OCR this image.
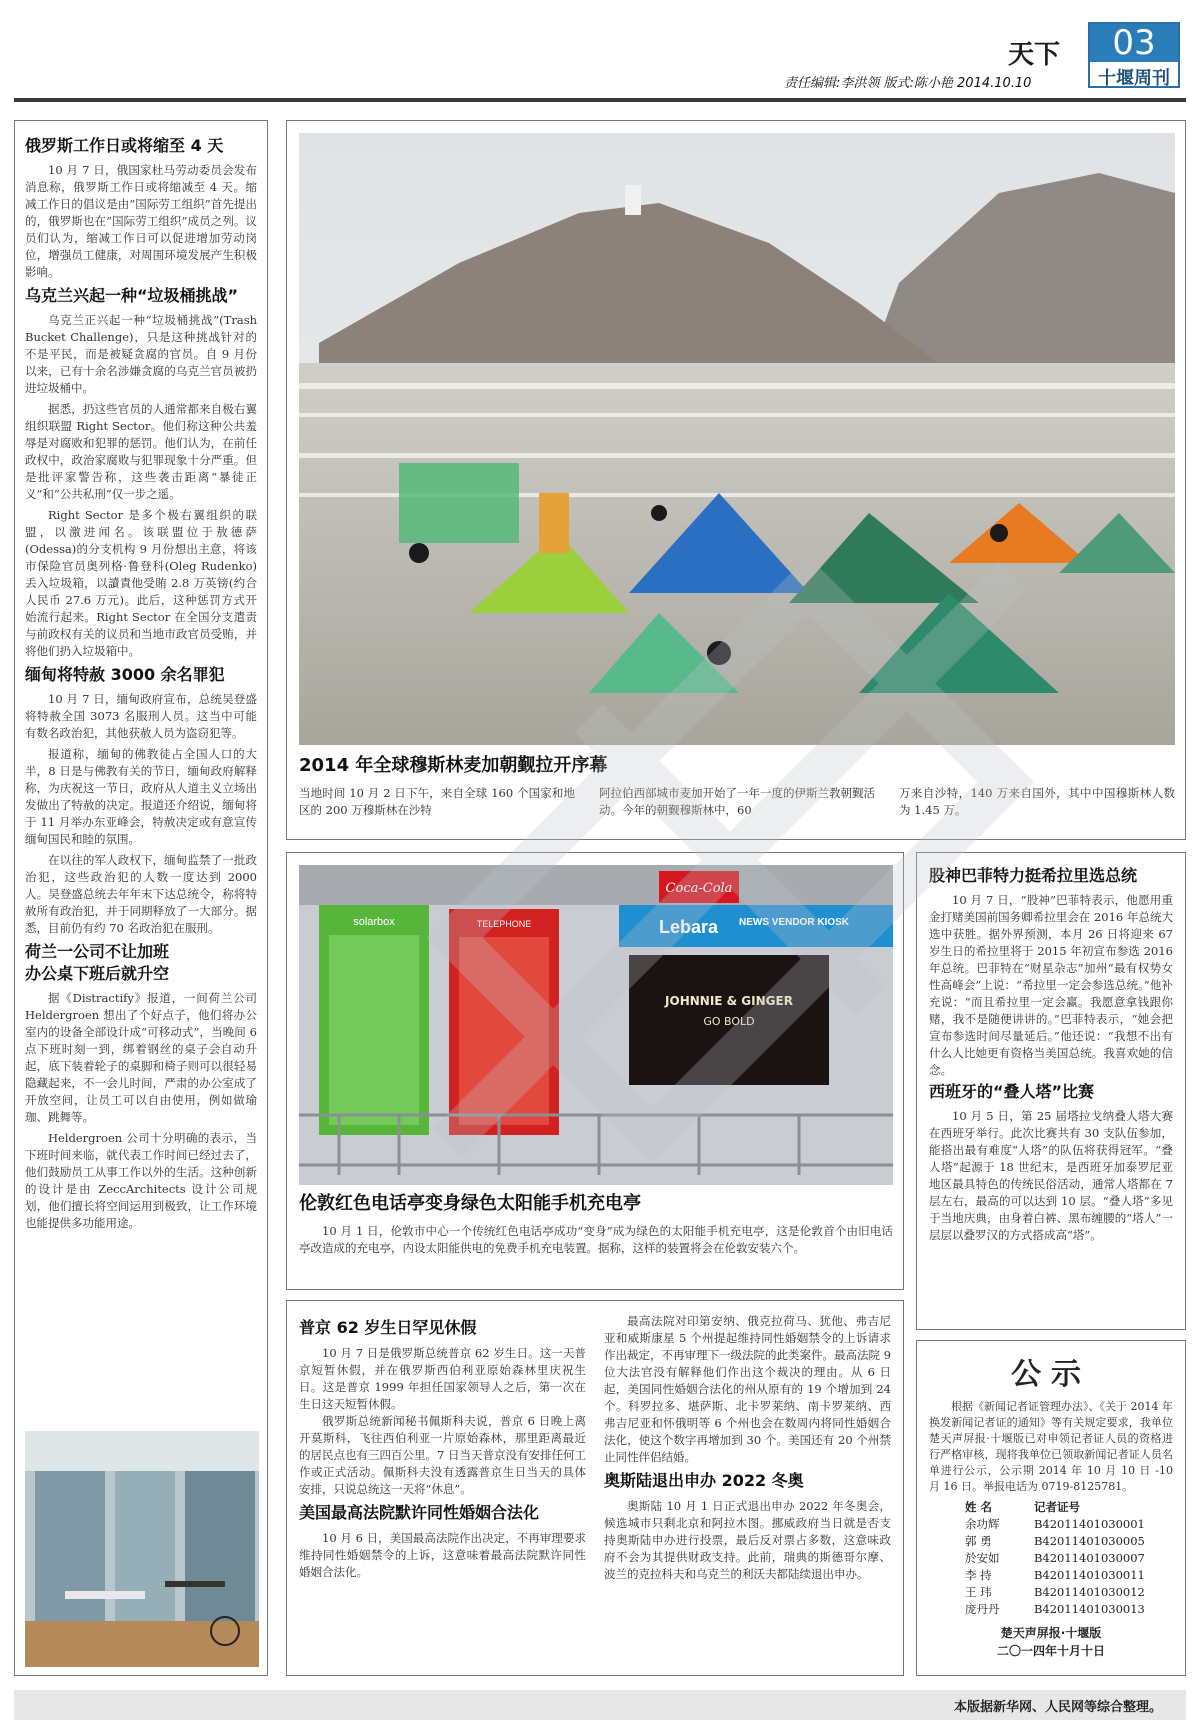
天下	03
十堰周刊
责任编辑:李洪领 版式:陈小艳 2014.10.10
俄罗斯工作日或将缩至 4 天

10 月 7 日，俄国家杜马劳动委员会发布消息称，俄罗斯工作日或将缩减至 4 天。缩减工作日的倡议是由“国际劳工组织”首先提出的，俄罗斯也在“国际劳工组织”成员之列。议员们认为，缩减工作日可以促进增加劳动岗位，增强员工健康，对周围环境发展产生积极影响。

乌克兰兴起一种“垃圾桶挑战”

乌克兰正兴起一种“垃圾桶挑战”(Trash Bucket Challenge)，只是这种挑战针对的不是平民，而是被疑贪腐的官员。自 9 月份以来，已有十余名涉嫌贪腐的乌克兰官员被扔进垃圾桶中。

据悉，扔这些官员的人通常都来自极右翼组织联盟 Right Sector。他们称这种公共羞辱是对腐败和犯罪的惩罚。他们认为，在前任政权中，政治家腐败与犯罪现象十分严重。但是批评家警告称，这些袭击距离“暴徒正义”和“公共私刑”仅一步之遥。

Right Sector 是多个极右翼组织的联盟，以激进闻名。该联盟位于敖德萨(Odessa)的分支机构 9 月份想出主意，将该市保险官员奥列格·鲁登科(Oleg Rudenko)丢入垃圾箱，以讀責他受賄 2.8 万英镑(约合人民币 27.6 万元)。此后，这种惩罚方式开始流行起来。Right Sector 在全国分支遣责与前政权有关的议员和当地市政官员受贿，并将他们扔入垃圾箱中。

缅甸将特赦 3000 余名罪犯

10 月 7 日，缅甸政府宣布，总统吴登盛将特赦全国 3073 名服刑人员。这当中可能有数名政治犯，其他获赦人员为盗窃犯等。

报道称，缅甸的佛教徒占全国人口的大半，8 日是与佛教有关的节日，缅甸政府解释称，为庆祝这一节日，政府从人道主义立场出发做出了特赦的决定。报道还介绍说，缅甸将于 11 月举办东亚峰会，特赦决定或有意宣传缅甸国民和睦的氛围。

在以往的军人政权下，缅甸监禁了一批政治犯，这些政治犯的人数一度达到 2000 人。吴登盛总统去年年末下达总统令，称将特赦所有政治犯，并于同期释放了一大部分。据悉，目前仍有约 70 名政治犯在服刑。

荷兰一公司不让加班
办公桌下班后就升空

据《Distractify》报道，一间荷兰公司 Heldergroen 想出了个好点子，他们将办公室内的设备全部设计成“可移动式”，当晚间 6 点下班时刻一到，绑着钢丝的桌子会自动升起，底下装着轮子的桌脚和椅子则可以很轻易隐藏起来，不一会儿时间，严肃的办公室成了开放空间，让员工可以自由使用，例如做瑜珈、跳舞等。

Heldergroen 公司十分明确的表示，当下班时间来临，就代表工作时间已经过去了，他们鼓励员工从事工作以外的生活。这种创新的设计是由 ZeccArchitects 设计公司规划，他们擅长将空间运用到极致，让工作环境也能提供多功能用途。

2014 年全球穆斯林麦加朝觐拉开序幕
当地时间 10 月 2 日下午，来自全球 160 个国家和地区的 200 万穆斯林在沙特
阿拉伯西部城市麦加开始了一年一度的伊斯兰教朝觐活动。今年的朝觐穆斯林中，60
万来自沙特，140 万来自国外，其中中国穆斯林人数为 1.45 万。
Coca-Cola
Lebara NEWS VENDOR KIOSK
JOHNNIE & GINGER
GO BOLD
solarbox	TELEPHONE
伦敦红色电话亭变身绿色太阳能手机充电亭

10 月 1 日，伦敦市中心一个传统红色电话亭成功“变身”成为绿色的太阳能手机充电亭，这是伦敦首个由旧电话亭改造成的充电亭，内设太阳能供电的免费手机充电装置。据称，这样的装置将会在伦敦安装六个。

普京 62 岁生日罕见休假

10 月 7 日是俄罗斯总统普京 62 岁生日。这一天普京短暂休假，并在俄罗斯西伯利亚原始森林里庆祝生日。这是普京 1999 年担任国家领导人之后，第一次在生日这天短暂休假。

俄罗斯总统新闻秘书佩斯科夫说，普京 6 日晚上离开莫斯科，飞往西伯利亚一片原始森林，那里距离最近的居民点也有三四百公里。7 日当天普京没有安排任何工作或正式活动。佩斯科夫没有透露普京生日当天的具体安排，只说总统这一天将“休息”。

美国最高法院默许同性婚姻合法化

10 月 6 日，美国最高法院作出决定，不再审理要求维持同性婚姻禁令的上诉，这意味着最高法院默许同性婚姻合法化。

最高法院对印第安纳、俄克拉荷马、犹他、弗吉尼亚和威斯康星 5 个州提起维持同性婚姻禁令的上诉请求作出裁定，不再审理下一级法院的此类案件。最高法院 9 位大法官没有解释他们作出这个裁决的理由。从 6 日起，美国同性婚姻合法化的州从原有的 19 个增加到 24 个。科罗拉多、堪萨斯、北卡罗莱纳、南卡罗莱纳、西弗吉尼亚和怀俄明等 6 个州也会在数周内将同性婚姻合法化，使这个数字再增加到 30 个。美国还有 20 个州禁止同性伴侣结婚。

奥斯陆退出申办 2022 冬奥

奥斯陆 10 月 1 日正式退出申办 2022 年冬奥会，候选城市只剩北京和阿拉木图。挪威政府当日就是否支持奥斯陆申办进行投票，最后反对票占多数，这意味政府不会为其提供财政支持。此前，瑞典的斯德哥尔摩、波兰的克拉科夫和乌克兰的利沃夫都陆续退出申办。

股神巴菲特力挺希拉里选总统

10 月 7 日，“股神”巴菲特表示，他愿用重金打赌美国前国务卿希拉里会在 2016 年总统大选中获胜。据外界预测，本月 26 日将迎来 67 岁生日的希拉里将于 2015 年初宣布参选 2016 年总统。巴菲特在“财星杂志”加州“最有权势女性高峰会”上说：“希拉里一定会参选总统。”他补充说：“而且希拉里一定会赢。我愿意拿钱跟你赌，我不是随便讲讲的。”巴菲特表示，“她会把宣布参选时间尽量延后。”他还说：“我想不出有什么人比她更有资格当美国总统。我喜欢她的信念。

西班牙的“叠人塔”比赛

10 月 5 日，第 25 届塔拉戈纳叠人塔大赛在西班牙举行。此次比赛共有 30 支队伍参加，能搭出最有难度“人塔”的队伍将获得冠军。“叠人塔”起源于 18 世纪末，是西班牙加泰罗尼亚地区最具特色的传统民俗活动，通常人塔都在 7 层左右，最高的可以达到 10 层。“叠人塔”多见于当地庆典，由身着白裤、黑布缠腰的“塔人”一层层以叠罗汉的方式搭成高“塔”。

公示

根据《新闻记者证管理办法》、《关于 2014 年换发新闻记者证的通知》等有关规定要求，我单位楚天声屏报·十堰版已对申领记者证人员的资格进行严格审核，现将我单位已领取新闻记者证人员名单进行公示，公示期 2014 年 10 月 10 日 -10 月 16 日。举报电话为 0719-8125781。

姓 名	记者证号
余功辉	B42011401030001
郭 勇	B42011401030005
於安如	B42011401030007
李 持	B42011401030011
王 玮	B42011401030012
庞丹丹	B42011401030013
楚天声屏报·十堰版
二〇一四年十月十日
本版据新华网、人民网等综合整理。
